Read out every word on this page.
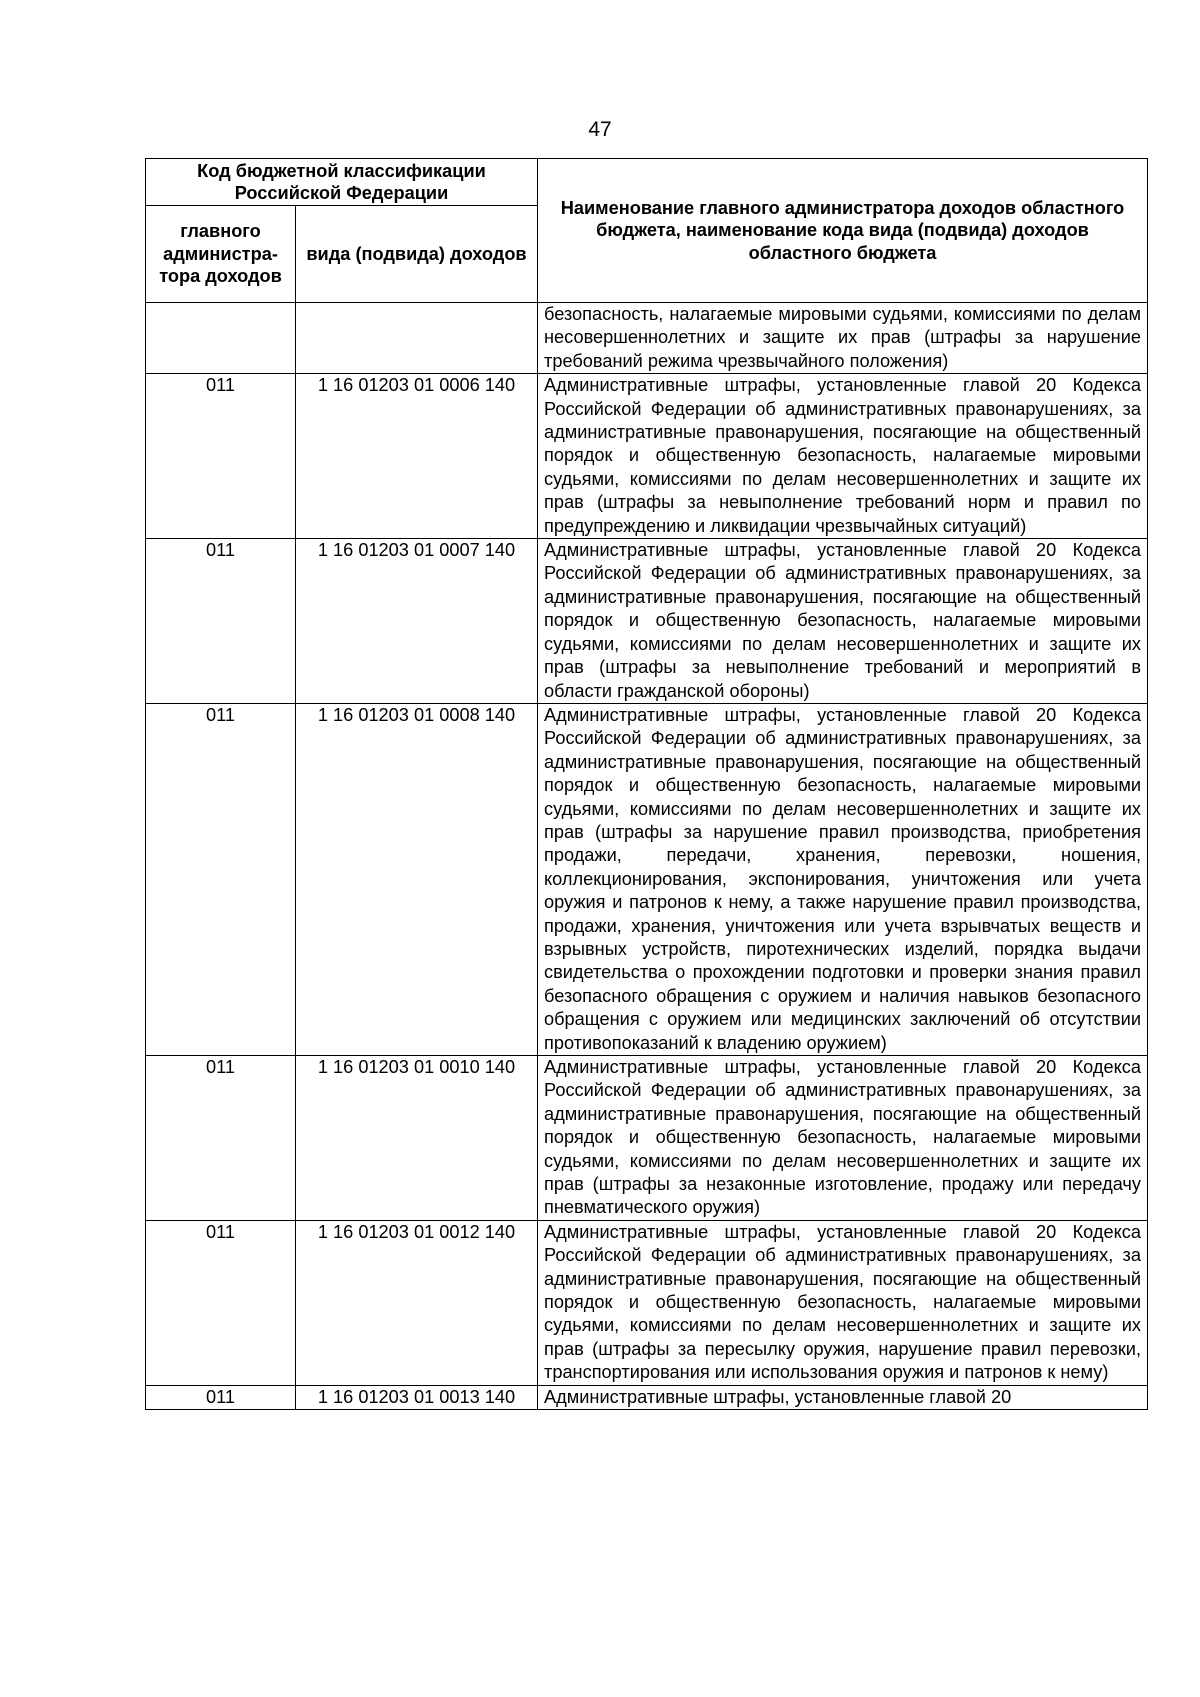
47
Код бюджетной классификации Российской Федерации		Наименование главного администратора доходов областного бюджета, наименование кода вида (подвида) доходов областного бюджета
главного администра-тора доходов	вида (подвида) доходов	
		безопасность, налагаемые мировыми судьями, комиссиями по делам несовершеннолетних и защите их прав (штрафы за нарушение требований режима чрезвычайного положения)
011	1 16 01203 01 0006 140	Административные штрафы, установленные главой 20 Кодекса Российской Федерации об административных правонарушениях, за административные правонарушения, посягающие на общественный порядок и общественную безопасность, налагаемые мировыми судьями, комиссиями по делам несовершеннолетних и защите их прав (штрафы за невыполнение требований норм и правил по предупреждению и ликвидации чрезвычайных ситуаций)
011	1 16 01203 01 0007 140	Административные штрафы, установленные главой 20 Кодекса Российской Федерации об административных правонарушениях, за административные правонарушения, посягающие на общественный порядок и общественную безопасность, налагаемые мировыми судьями, комиссиями по делам несовершеннолетних и защите их прав (штрафы за невыполнение требований и мероприятий в области гражданской обороны)
011	1 16 01203 01 0008 140	Административные штрафы, установленные главой 20 Кодекса Российской Федерации об административных правонарушениях, за административные правонарушения, посягающие на общественный порядок и общественную безопасность, налагаемые мировыми судьями, комиссиями по делам несовершеннолетних и защите их прав (штрафы за нарушение правил производства, приобретения продажи, передачи, хранения, перевозки, ношения, коллекционирования, экспонирования, уничтожения или учета оружия и патронов к нему, а также нарушение правил производства, продажи, хранения, уничтожения или учета взрывчатых веществ и взрывных устройств, пиротехнических изделий, порядка выдачи свидетельства о прохождении подготовки и проверки знания правил безопасного обращения с оружием и наличия навыков безопасного обращения с оружием или медицинских заключений об отсутствии противопоказаний к владению оружием)
011	1 16 01203 01 0010 140	Административные штрафы, установленные главой 20 Кодекса Российской Федерации об административных правонарушениях, за административные правонарушения, посягающие на общественный порядок и общественную безопасность, налагаемые мировыми судьями, комиссиями по делам несовершеннолетних и защите их прав (штрафы за незаконные изготовление, продажу или передачу пневматического оружия)
011	1 16 01203 01 0012 140	Административные штрафы, установленные главой 20 Кодекса Российской Федерации об административных правонарушениях, за административные правонарушения, посягающие на общественный порядок и общественную безопасность, налагаемые мировыми судьями, комиссиями по делам несовершеннолетних и защите их прав (штрафы за пересылку оружия, нарушение правил перевозки, транспортирования или использования оружия и патронов к нему)
011	1 16 01203 01 0013 140	Административные штрафы, установленные главой 20
